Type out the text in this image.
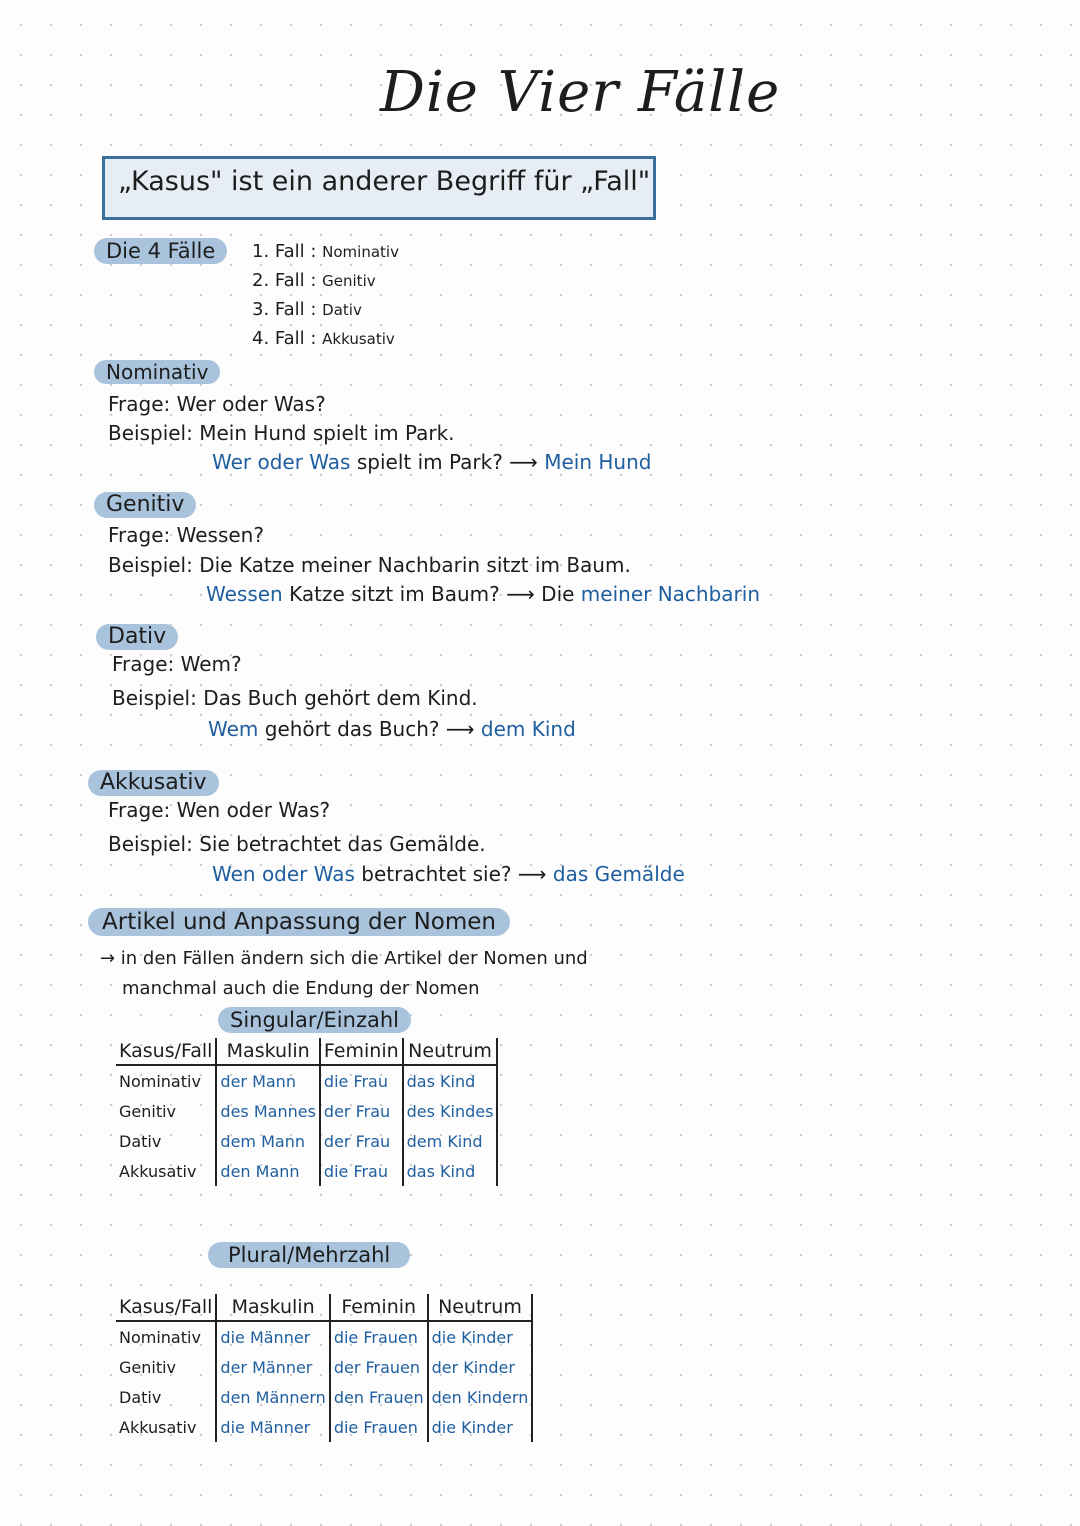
Die Vier Fälle
„Kasus" ist ein anderer Begriff für „Fall"
Die 4 Fälle	1. Fall : Nominativ
2. Fall : Genitiv
3. Fall : Dativ
4. Fall : Akkusativ
Nominativ
Frage: Wer oder Was?
Beispiel: Mein Hund spielt im Park.
Wer oder Was spielt im Park? ⟶ Mein Hund
Genitiv
Frage: Wessen?
Beispiel: Die Katze meiner Nachbarin sitzt im Baum.
Wessen Katze sitzt im Baum? ⟶ Die meiner Nachbarin
Dativ
Frage: Wem?
Beispiel: Das Buch gehört dem Kind.
Wem gehört das Buch? ⟶ dem Kind
Akkusativ
Frage: Wen oder Was?
Beispiel: Sie betrachtet das Gemälde.
Wen oder Was betrachtet sie? ⟶ das Gemälde
Artikel und Anpassung der Nomen
→ in den Fällen ändern sich die Artikel der Nomen und
manchmal auch die Endung der Nomen
Singular/Einzahl
Kasus/Fall	Maskulin	Feminin	Neutrum
Nominativ	der Mann	die Frau	das Kind
Genitiv	des Mannes	der Frau	des Kindes
Dativ	dem Mann	der Frau	dem Kind
Akkusativ	den Mann	die Frau	das Kind
Plural/Mehrzahl
Kasus/Fall	Maskulin	Feminin	Neutrum
Nominativ	die Männer	die Frauen	die Kinder
Genitiv	der Männer	der Frauen	der Kinder
Dativ	den Männern	den Frauen	den Kindern
Akkusativ	die Männer	die Frauen	die Kinder
